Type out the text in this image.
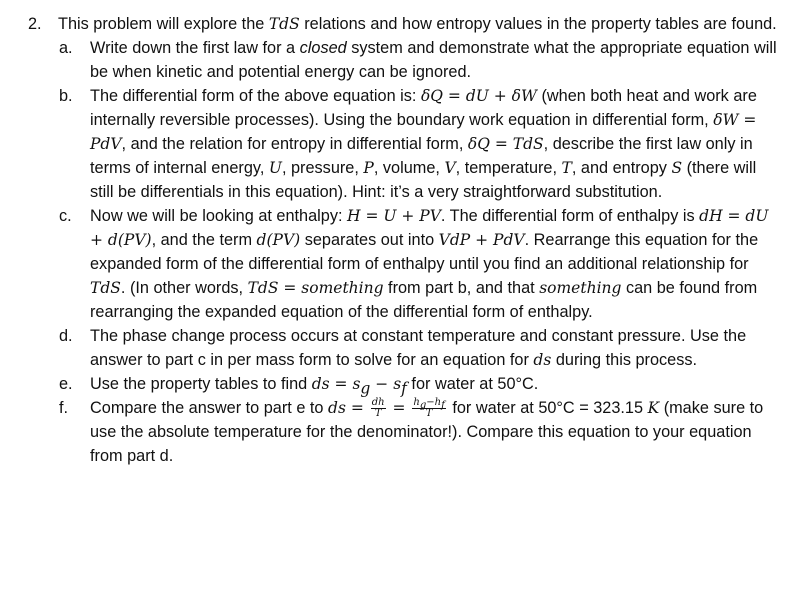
2.	This problem will explore the TdS relations and how entropy values in the property tables are found.
a.	Write down the first law for a closed system and demonstrate what the appropriate equation will be when kinetic and potential energy can be ignored.
b.	The differential form of the above equation is: δQ = dU + δW (when both heat and work are internally reversible processes). Using the boundary work equation in differential form, δW = PdV, and the relation for entropy in differential form, δQ = TdS, describe the first law only in terms of internal energy, U, pressure, P, volume, V, temperature, T, and entropy S (there will still be differentials in this equation). Hint: it’s a very straightforward substitution.
c.	Now we will be looking at enthalpy: H = U + PV. The differential form of enthalpy is dH = dU + d(PV), and the term d(PV) separates out into VdP + PdV. Rearrange this equation for the expanded form of the differential form of enthalpy until you find an additional relationship for TdS. (In other words, TdS = something from part b, and that something can be found from rearranging the expanded equation of the differential form of enthalpy.
d.	The phase change process occurs at constant temperature and constant pressure. Use the answer to part c in per mass form to solve for an equation for ds during this process.
e.	Use the property tables to find ds = $s_g - s_f$ for water at 50°C.
f.	Compare the answer to part e to ds = $\frac{dh}{T} = \frac{h_g-h_f}{T}$ for water at 50°C = 323.15 K (make sure to use the absolute temperature for the denominator!). Compare this equation to your equation from part d.
